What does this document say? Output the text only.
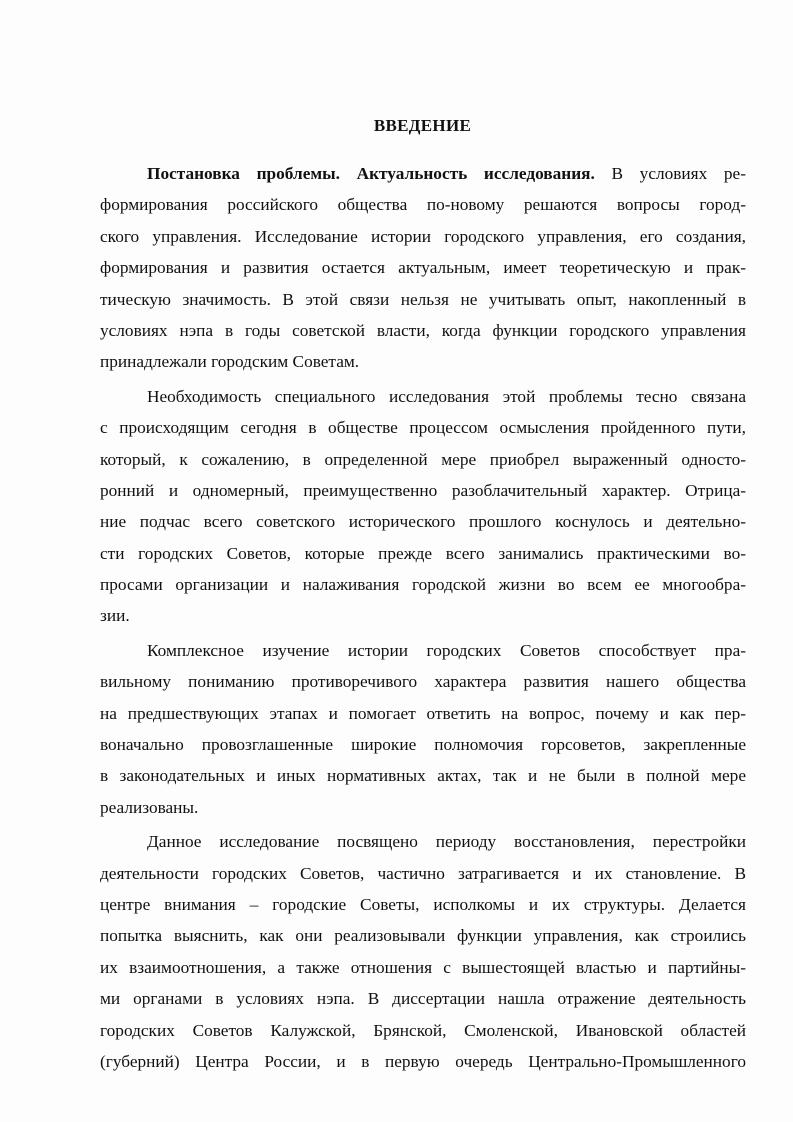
ВВЕДЕНИЕ
Постановка проблемы. Актуальность исследования. В условиях ре-
формирования российского общества по-новому решаются вопросы город-
ского управления. Исследование истории городского управления, его создания,
формирования и развития остается актуальным, имеет теоретическую и прак-
тическую значимость. В этой связи нельзя не учитывать опыт, накопленный в
условиях нэпа в годы советской власти, когда функции городского управления
принадлежали городским Советам.
Необходимость специального исследования этой проблемы тесно связана
с происходящим сегодня в обществе процессом осмысления пройденного пути,
который, к сожалению, в определенной мере приобрел выраженный односто-
ронний и одномерный, преимущественно разоблачительный характер. Отрица-
ние подчас всего советского исторического прошлого коснулось и деятельно-
сти городских Советов, которые прежде всего занимались практическими во-
просами организации и налаживания городской жизни во всем ее многообра-
зии.
Комплексное изучение истории городских Советов способствует пра-
вильному пониманию противоречивого характера развития нашего общества
на предшествующих этапах и помогает ответить на вопрос, почему и как пер-
воначально провозглашенные широкие полномочия горсоветов, закрепленные
в законодательных и иных нормативных актах, так и не были в полной мере
реализованы.
Данное исследование посвящено периоду восстановления, перестройки
деятельности городских Советов, частично затрагивается и их становление. В
центре внимания – городские Советы, исполкомы и их структуры. Делается
попытка выяснить, как они реализовывали функции управления, как строились
их взаимоотношения, а также отношения с вышестоящей властью и партийны-
ми органами в условиях нэпа. В диссертации нашла отражение деятельность
городских Советов Калужской, Брянской, Смоленской, Ивановской областей
(губерний) Центра России, и в первую очередь Центрально-Промышленного
